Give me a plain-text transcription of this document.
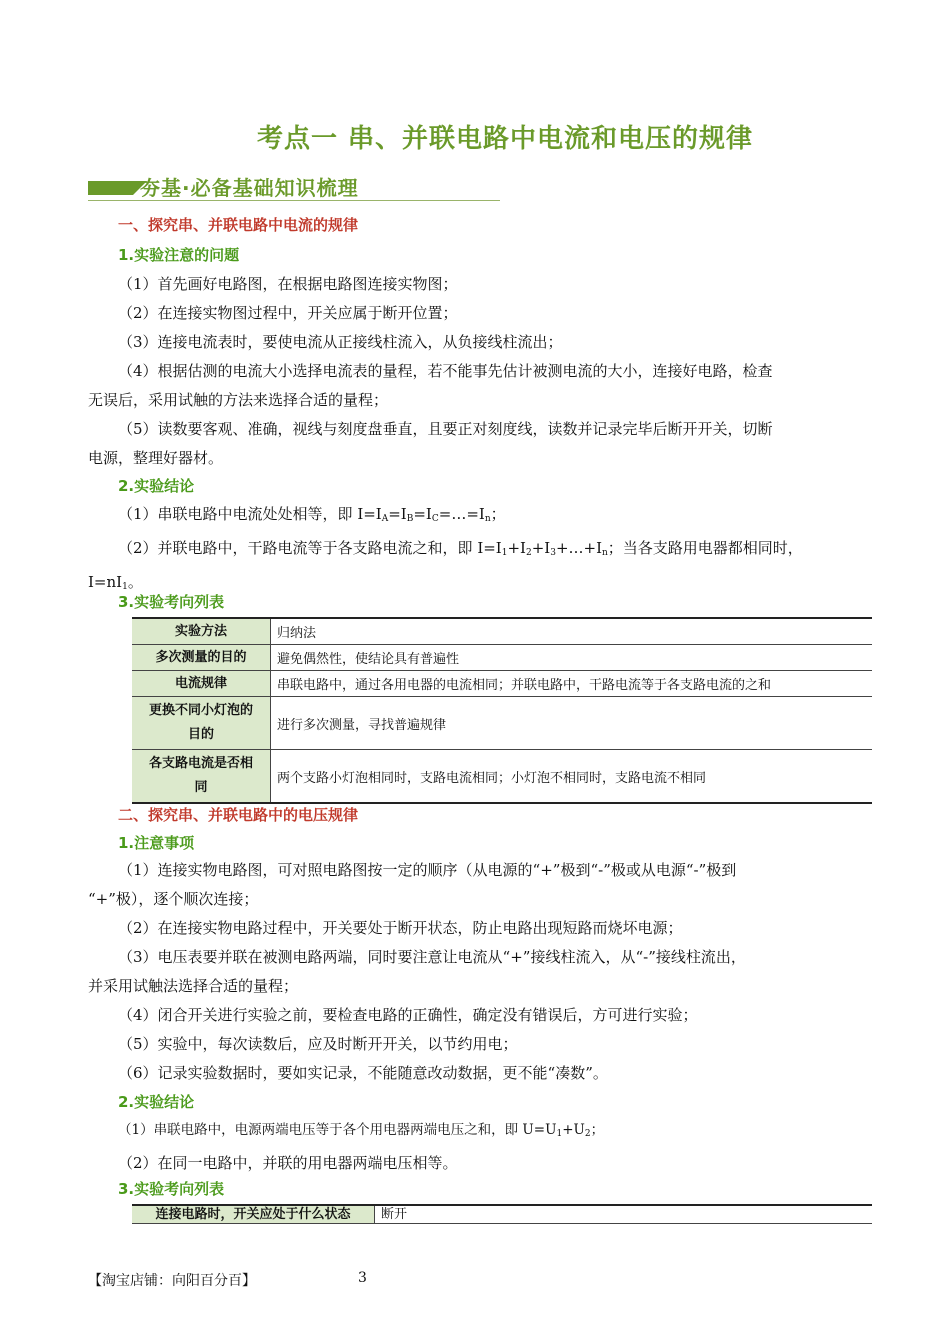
考点一 串、并联电路中电流和电压的规律
夯基·必备基础知识梳理
一、探究串、并联电路中电流的规律
1.实验注意的问题
（1）首先画好电路图，在根据电路图连接实物图；
（2）在连接实物图过程中，开关应属于断开位置；
（3）连接电流表时，要使电流从正接线柱流入，从负接线柱流出；
（4）根据估测的电流大小选择电流表的量程，若不能事先估计被测电流的大小，连接好电路，检查
无误后，采用试触的方法来选择合适的量程；
（5）读数要客观、准确，视线与刻度盘垂直，且要正对刻度线，读数并记录完毕后断开开关，切断
电源，整理好器材。
2.实验结论
（1）串联电路中电流处处相等，即 $I=I_A=I_B=I_C=\dots=I_n$；
（2）并联电路中，干路电流等于各支路电流之和，即 $I=I_1+I_2+I_3+\dots+I_n$；当各支路用电器都相同时，
$I=nI_1$。
3.实验考向列表
实验方法	归纳法
多次测量的目的	避免偶然性，使结论具有普遍性
电流规律	串联电路中，通过各用电器的电流相同；并联电路中，干路电流等于各支路电流的之和
更换不同小灯泡的目的	进行多次测量，寻找普遍规律
各支路电流是否相同	两个支路小灯泡相同时，支路电流相同；小灯泡不相同时，支路电流不相同
二、探究串、并联电路中的电压规律
1.注意事项
（1）连接实物电路图，可对照电路图按一定的顺序（从电源的“+”极到“-”极或从电源“-”极到
“+”极），逐个顺次连接；
（2）在连接实物电路过程中，开关要处于断开状态，防止电路出现短路而烧坏电源；
（3）电压表要并联在被测电路两端，同时要注意让电流从“+”接线柱流入，从“-”接线柱流出，
并采用试触法选择合适的量程；
（4）闭合开关进行实验之前，要检查电路的正确性，确定没有错误后，方可进行实验；
（5）实验中，每次读数后，应及时断开开关，以节约用电；
（6）记录实验数据时，要如实记录，不能随意改动数据，更不能“凑数”。
2.实验结论
（1）串联电路中，电源两端电压等于各个用电器两端电压之和，即 $U=U_1+U_2$；
（2）在同一电路中，并联的用电器两端电压相等。
3.实验考向列表
连接电路时，开关应处于什么状态	断开
【淘宝店铺：向阳百分百】	3
